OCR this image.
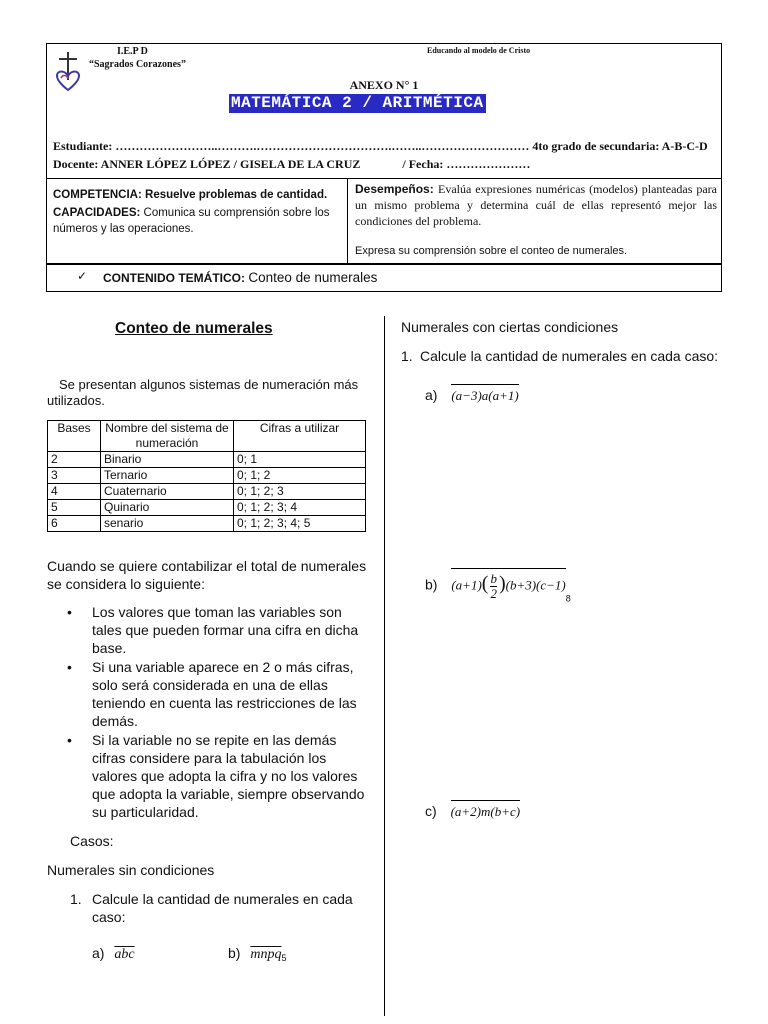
I.E.P D
“Sagrados Corazones”
Educando al modelo de Cristo
ANEXO N° 1
MATEMÁTICA 2 / ARITMÉTICA
Estudiante: ……………………..……….…………………………….……..……………………… 4to grado de secundaria: A-B-C-D
Docente: ANNER LÓPEZ LÓPEZ / GISELA DE LA CRUZ              / Fecha: …………………
COMPETENCIA: Resuelve problemas de cantidad.
CAPACIDADES: Comunica su comprensión sobre los números y las operaciones.
Desempeños: Evalúa expresiones numéricas (modelos) planteadas para un mismo problema y determina cuál de ellas representó mejor las condiciones del problema.
Expresa su comprensión sobre el conteo de numerales.
✓ CONTENIDO TEMÁTICO: Conteo de numerales
Conteo de numerales
Se presentan algunos sistemas de numeración más utilizados.
Bases	Nombre del sistema de numeración	Cifras a utilizar
2	Binario	0; 1
3	Ternario	0; 1; 2
4	Cuaternario	0; 1; 2; 3
5	Quinario	0; 1; 2; 3; 4
6	senario	0; 1; 2; 3; 4; 5
Cuando se quiere contabilizar el total de numerales se considera lo siguiente:
• Los valores que toman las variables son tales que pueden formar una cifra en dicha base.
• Si una variable aparece en 2 o más cifras, solo será considerada en una de ellas teniendo en cuenta las restricciones de las demás.
• Si la variable no se repite en las demás cifras considere para la tabulación los valores que adopta la cifra y no los valores que adopta la variable, siempre observando su particularidad.
Casos:
Numerales sin condiciones
1. Calcule la cantidad de numerales en cada caso:
a) $\overline{abc}$	b) mnpq$_5$
Numerales con ciertas condiciones
1. Calcule la cantidad de numerales en cada caso:
a) (a−3)a(a+1)
b) $(a+1)( \frac{b}{2} )(b+3)(c-1)_8$
c) (a+2)m(b+c)
